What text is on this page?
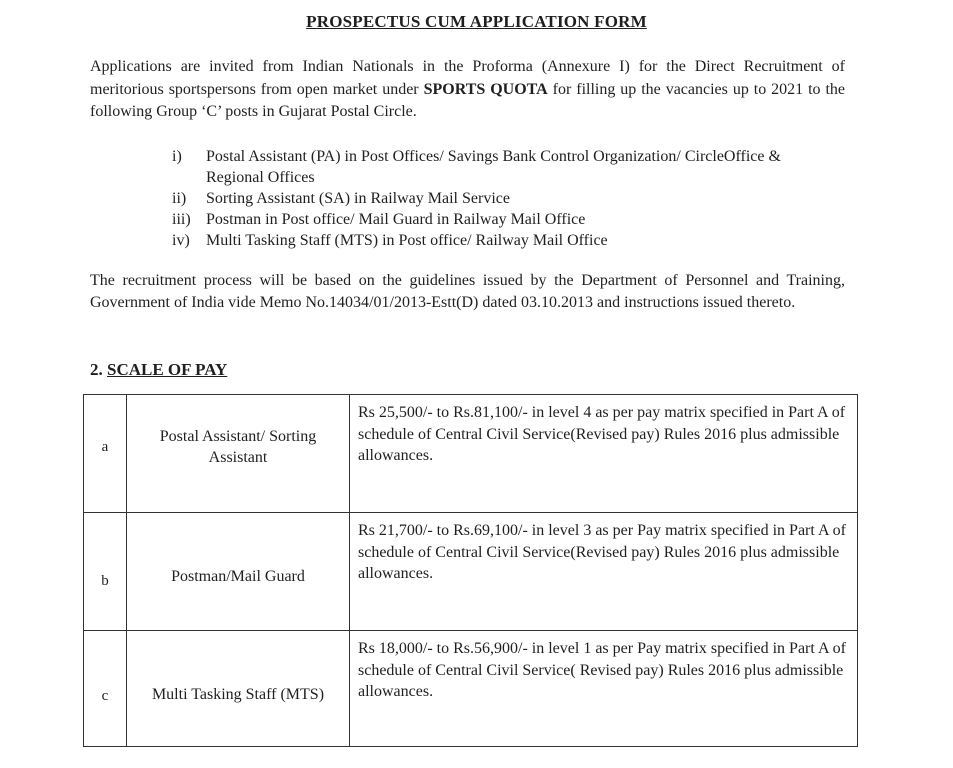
PROSPECTUS CUM APPLICATION FORM
Applications are invited from Indian Nationals in the Proforma (Annexure I) for the Direct Recruitment of meritorious sportspersons from open market under SPORTS QUOTA for filling up the vacancies up to 2021 to the following Group ‘C’ posts in Gujarat Postal Circle.
i)	Postal Assistant (PA) in Post Offices/ Savings Bank Control Organization/ CircleOffice & Regional Offices
ii)	Sorting Assistant (SA) in Railway Mail Service
iii) Postman in Post office/ Mail Guard in Railway Mail Office
iv)	Multi Tasking Staff (MTS) in Post office/ Railway Mail Office
The recruitment process will be based on the guidelines issued by the Department of Personnel and Training, Government of India vide Memo No.14034/01/2013-Estt(D) dated 03.10.2013 and instructions issued thereto.
2. SCALE OF PAY
a	Postal Assistant/ Sorting Assistant	Rs 25,500/- to Rs.81,100/- in level 4 as per pay matrix specified in Part A of schedule of Central Civil Service(Revised pay) Rules 2016 plus admissible allowances.
b	Postman/Mail Guard	Rs 21,700/- to Rs.69,100/- in level 3 as per Pay matrix specified in Part A of schedule of Central Civil Service(Revised pay) Rules 2016 plus admissible allowances.
c	Multi Tasking Staff (MTS)	Rs 18,000/- to Rs.56,900/- in level 1 as per Pay matrix specified in Part A of schedule of Central Civil Service( Revised pay) Rules 2016 plus admissible allowances.
